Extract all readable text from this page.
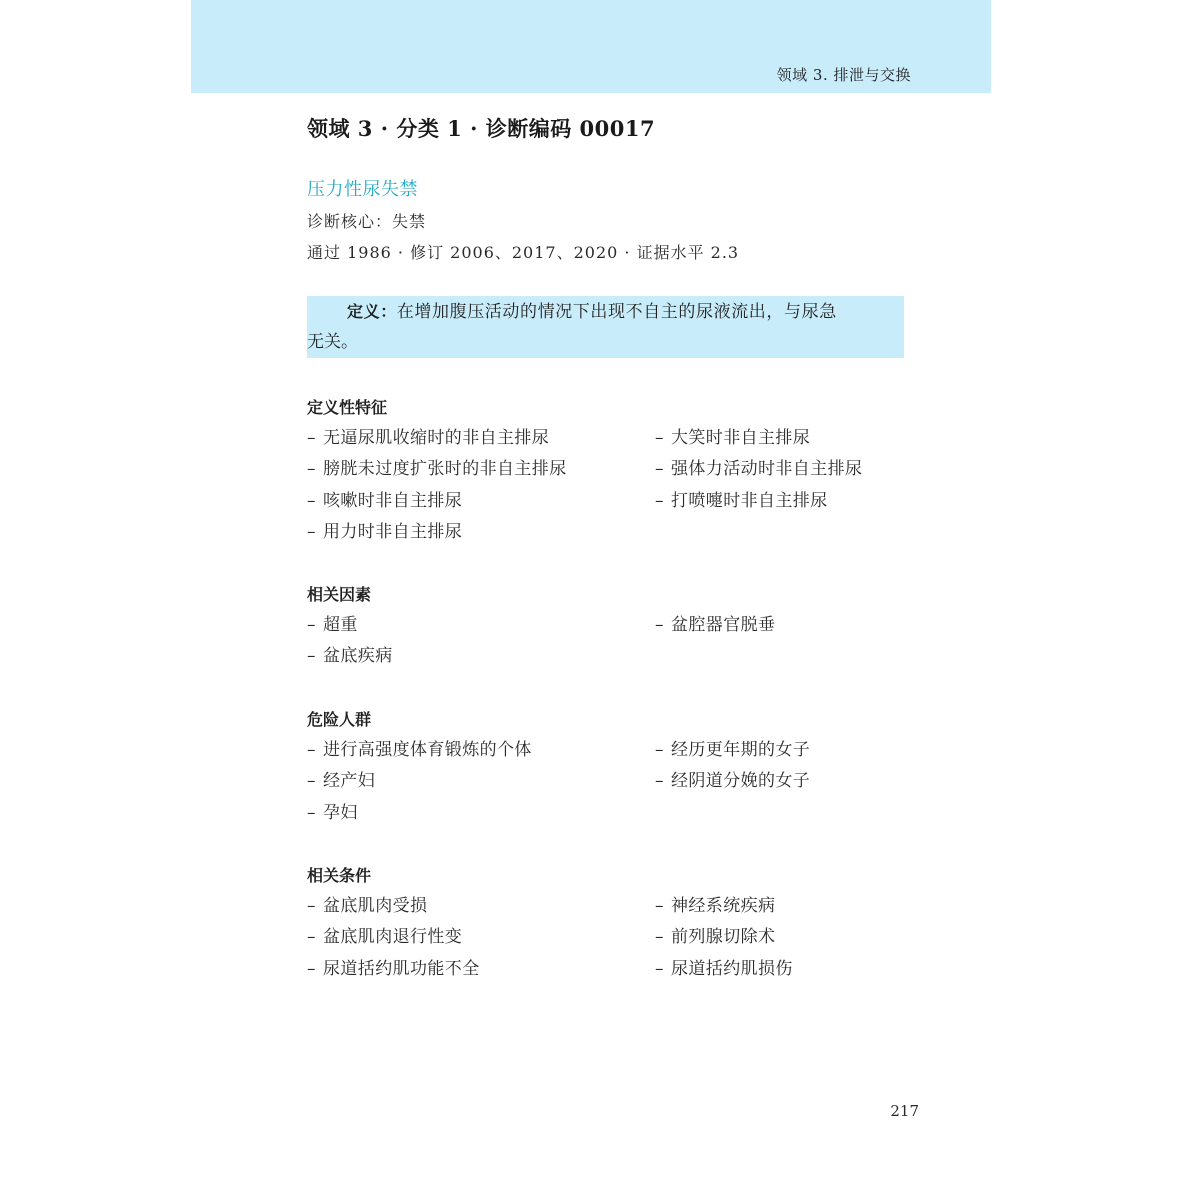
领域 3. 排泄与交换
领域 3 · 分类 1 · 诊断编码 00017
压力性尿失禁
诊断核心：失禁
通过 1986 · 修订 2006、2017、2020 · 证据水平 2.3
定义：在增加腹压活动的情况下出现不自主的尿液流出，与尿急
无关。
定义性特征
– 无逼尿肌收缩时的非自主排尿	– 大笑时非自主排尿
– 膀胱未过度扩张时的非自主排尿	– 强体力活动时非自主排尿
– 咳嗽时非自主排尿	– 打喷嚏时非自主排尿
– 用力时非自主排尿
相关因素
– 超重	– 盆腔器官脱垂
– 盆底疾病
危险人群
– 进行高强度体育锻炼的个体	– 经历更年期的女子
– 经产妇	– 经阴道分娩的女子
– 孕妇
相关条件
– 盆底肌肉受损	– 神经系统疾病
– 盆底肌肉退行性变	– 前列腺切除术
– 尿道括约肌功能不全	– 尿道括约肌损伤
217
